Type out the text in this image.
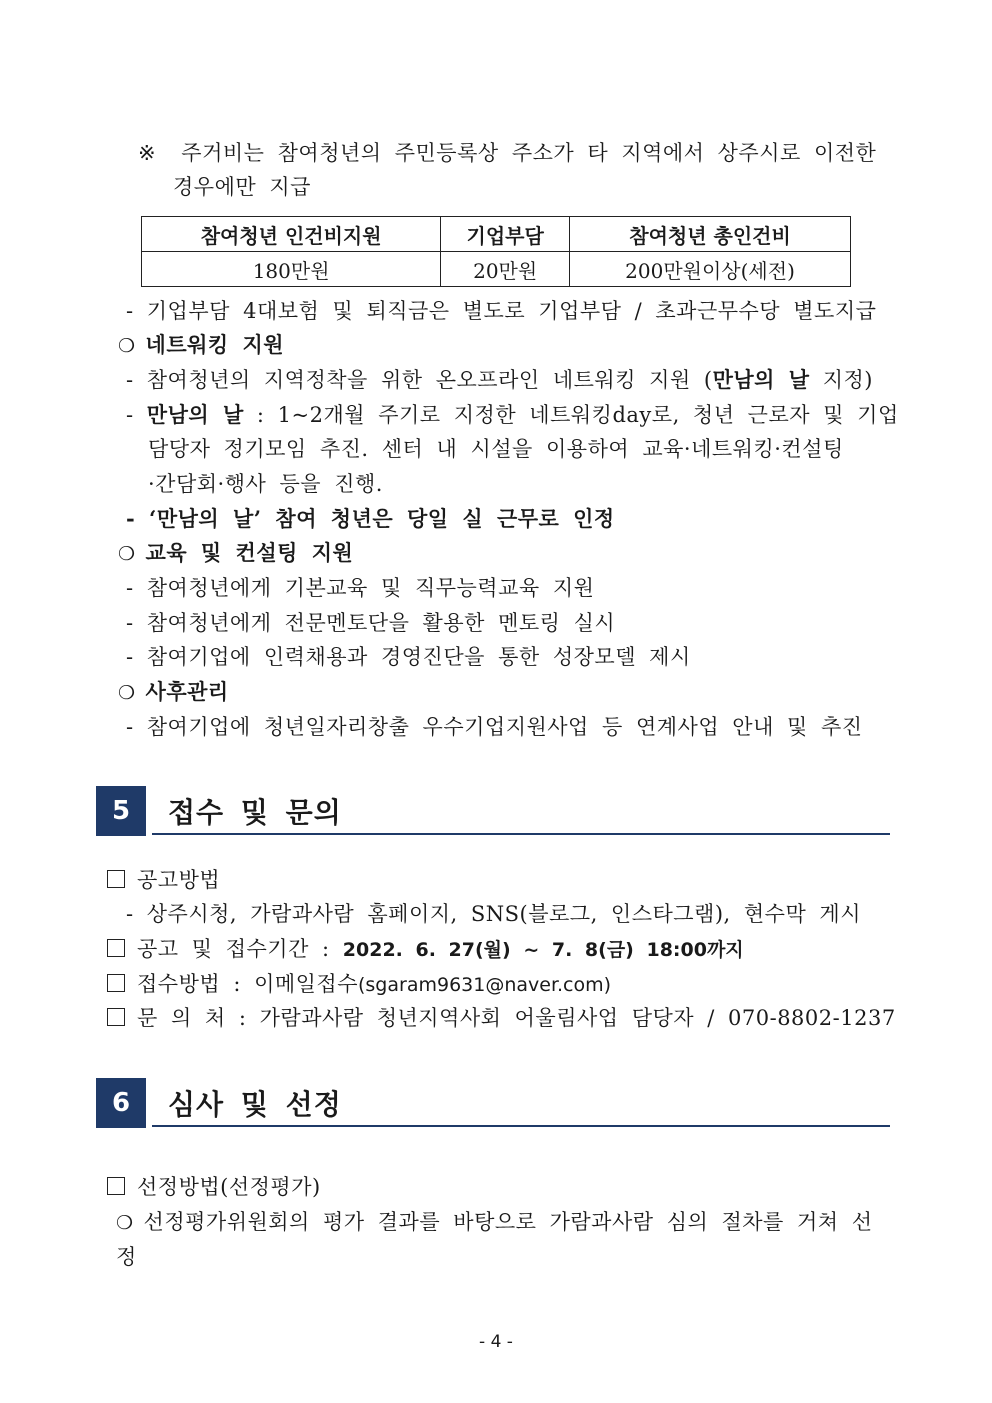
※ 주거비는 참여청년의 주민등록상 주소가 타 지역에서 상주시로 이전한
경우에만 지급
참여청년 인건비지원	기업부담	참여청년 총인건비
180만원	20만원	200만원이상(세전)
- 기업부담 4대보험 및 퇴직금은 별도로 기업부담 / 초과근무수당 별도지급
❍ 네트워킹 지원
- 참여청년의 지역정착을 위한 온오프라인 네트워킹 지원 (만남의 날 지정)
- 만남의 날 : 1~2개월 주기로 지정한 네트워킹day로, 청년 근로자 및 기업
담당자 정기모임 추진. 센터 내 시설을 이용하여 교육·네트워킹·컨설팅
·간담회·행사 등을 진행.
- ‘만남의 날’ 참여 청년은 당일 실 근무로 인정
❍ 교육 및 컨설팅 지원
- 참여청년에게 기본교육 및 직무능력교육 지원
- 참여청년에게 전문멘토단을 활용한 멘토링 실시
- 참여기업에 인력채용과 경영진단을 통한 성장모델 제시
❍ 사후관리
- 참여기업에 청년일자리창출 우수기업지원사업 등 연계사업 안내 및 추진
5	접수 및 문의
공고방법
- 상주시청, 가람과사람 홈페이지, SNS(블로그, 인스타그램), 현수막 게시
공고 및 접수기간 : 2022. 6. 27(월) ~ 7. 8(금) 18:00까지
접수방법 : 이메일접수(sgaram9631@naver.com)
문 의 처 : 가람과사람 청년지역사회 어울림사업 담당자 / 070-8802-1237
6	심사 및 선정
선정방법(선정평가)
❍ 선정평가위원회의 평가 결과를 바탕으로 가람과사람 심의 절차를 거쳐 선
정
- 4 -
